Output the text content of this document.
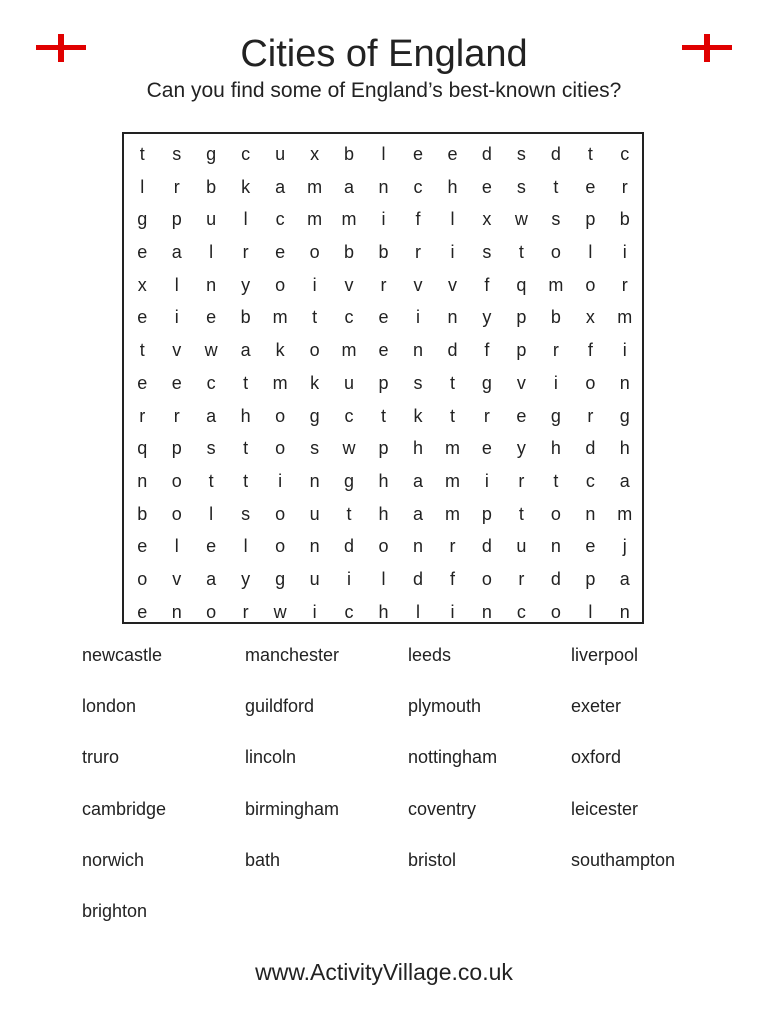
Cities of England
Can you find some of England’s best-known cities?
t	s	g	c	u	x	b	l	e	e	d	s	d	t	c
l	r	b	k	a	m	a	n	c	h	e	s	t	e	r
g	p	u	l	c	m	m	i	f	l	x	w	s	p	b
e	a	l	r	e	o	b	b	r	i	s	t	o	l	i
x	l	n	y	o	i	v	r	v	v	f	q	m	o	r
e	i	e	b	m	t	c	e	i	n	y	p	b	x	m
t	v	w	a	k	o	m	e	n	d	f	p	r	f	i
e	e	c	t	m	k	u	p	s	t	g	v	i	o	n
r	r	a	h	o	g	c	t	k	t	r	e	g	r	g
q	p	s	t	o	s	w	p	h	m	e	y	h	d	h
n	o	t	t	i	n	g	h	a	m	i	r	t	c	a
b	o	l	s	o	u	t	h	a	m	p	t	o	n	m
e	l	e	l	o	n	d	o	n	r	d	u	n	e	j
o	v	a	y	g	u	i	l	d	f	o	r	d	p	a
e	n	o	r	w	i	c	h	l	i	n	c	o	l	n
newcastle	manchester	leeds	liverpool
london	guildford	plymouth	exeter
truro	lincoln	nottingham	oxford
cambridge	birmingham	coventry	leicester
norwich	bath	bristol	southampton
brighton
www.ActivityVillage.co.uk
